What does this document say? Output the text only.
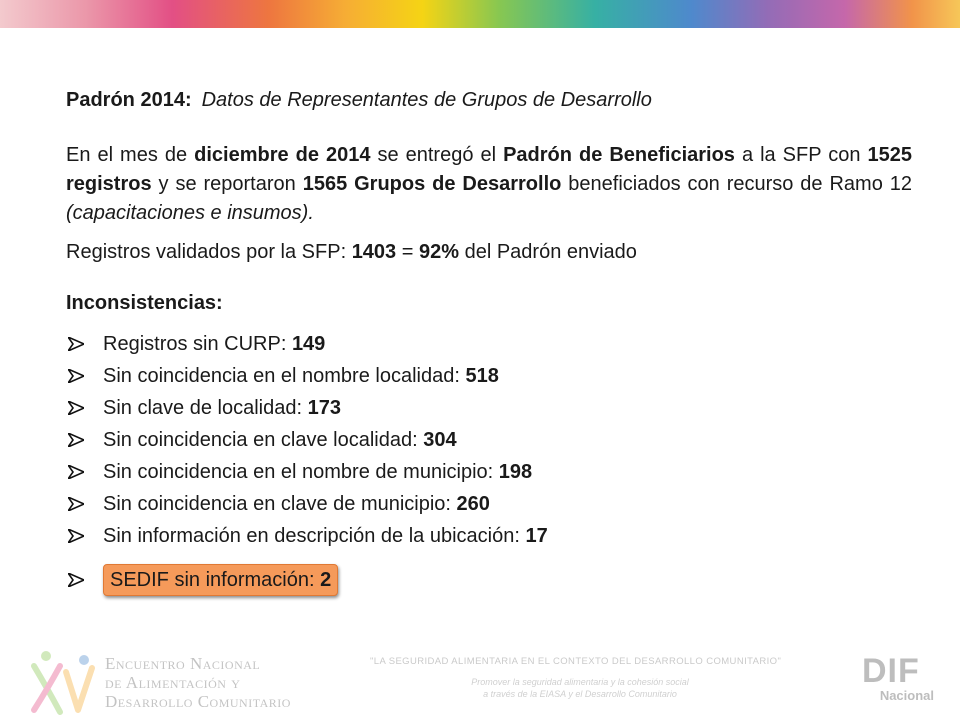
Padrón 2014: Datos de Representantes de Grupos de Desarrollo
En el mes de diciembre de 2014 se entregó el Padrón de Beneficiarios a la SFP con 1525 registros y se reportaron 1565 Grupos de Desarrollo beneficiados con recurso de Ramo 12 (capacitaciones e insumos).
Registros validados por la SFP: 1403 = 92% del Padrón enviado
Inconsistencias:
Registros sin CURP: 149
Sin coincidencia en el nombre localidad: 518
Sin clave de localidad: 173
Sin coincidencia en clave localidad: 304
Sin coincidencia en el nombre de municipio: 198
Sin coincidencia en clave de municipio: 260
Sin información en descripción de la ubicación: 17
SEDIF sin información: 2
Encuentro Nacional
de Alimentación y
Desarrollo Comunitario
"LA SEGURIDAD ALIMENTARIA EN EL CONTEXTO DEL DESARROLLO COMUNITARIO"
Promover la seguridad alimentaria y la cohesión social
a través de la EIASA y el Desarrollo Comunitario
DIF
Nacional
